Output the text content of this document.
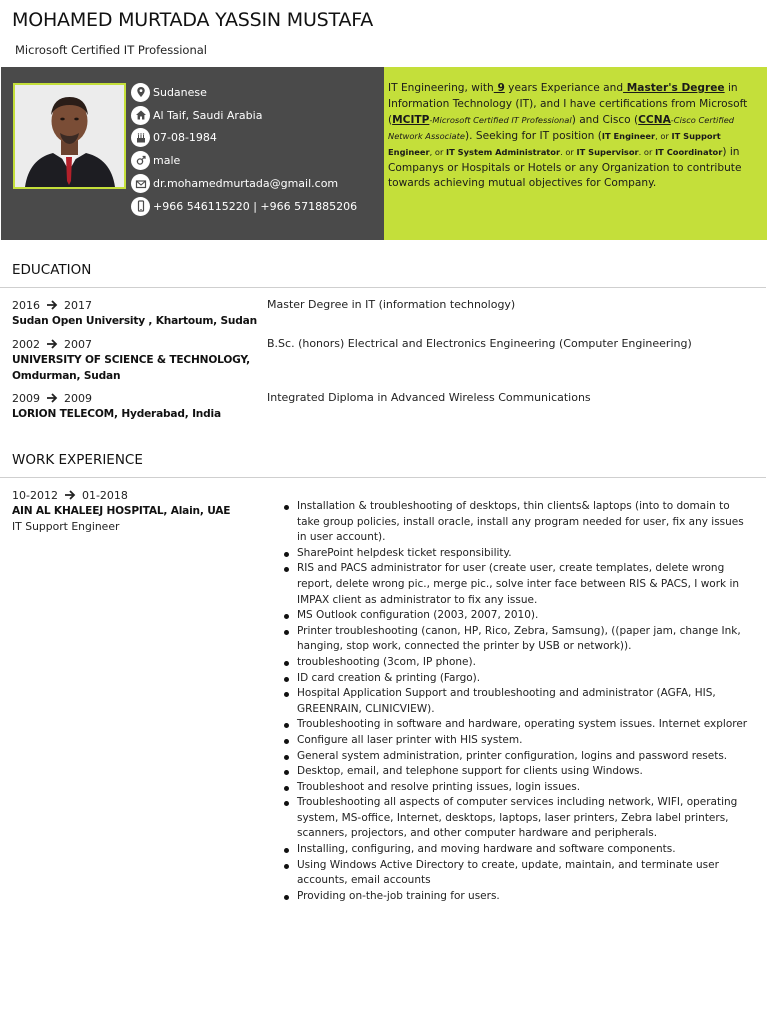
MOHAMED MURTADA YASSIN MUSTAFA
Microsoft Certified IT Professional
Sudanese
Al Taif, Saudi Arabia
07-08-1984
male
dr.mohamedmurtada@gmail.com
+966 546115220 | +966 571885206
IT Engineering, with 9 years Experiance and Master's Degree in Information Technology (IT), and I have certifications from Microsoft (MCITP-Microsoft Certified IT Professional) and Cisco (CCNA-Cisco Certified Network Associate). Seeking for IT position (IT Engineer, or IT Support Engineer, or IT System Administrator. or IT Supervisor. or IT Coordinator) in Companys or Hospitals or Hotels or any Organization to contribute towards achieving mutual objectives for Company.
EDUCATION
2016 2017
Sudan Open University , Khartoum, Sudan
Master Degree in IT (information technology)
2002 2007
UNIVERSITY OF SCIENCE & TECHNOLOGY,
Omdurman, Sudan
B.Sc. (honors) Electrical and Electronics Engineering (Computer Engineering)
2009 2009
LORION TELECOM, Hyderabad, India
Integrated Diploma in Advanced Wireless Communications
WORK EXPERIENCE
10-2012 01-2018
AIN AL KHALEEJ HOSPITAL, Alain, UAE
IT Support Engineer
Installation & troubleshooting of desktops, thin clients& laptops (into to domain to take group policies, install oracle, install any program needed for user, fix any issues in user account).
SharePoint helpdesk ticket responsibility.
RIS and PACS administrator for user (create user, create templates, delete wrong report, delete wrong pic., merge pic., solve inter face between RIS & PACS, I work in IMPAX client as administrator to fix any issue.
MS Outlook configuration (2003, 2007, 2010).
Printer troubleshooting (canon, HP, Rico, Zebra, Samsung), ((paper jam, change Ink, hanging, stop work, connected the printer by USB or network)).
troubleshooting (3com, IP phone).
ID card creation & printing (Fargo).
Hospital Application Support and troubleshooting and administrator (AGFA, HIS, GREENRAIN, CLINICVIEW).
Troubleshooting in software and hardware, operating system issues. Internet explorer
Configure all laser printer with HIS system.
General system administration, printer configuration, logins and password resets.
Desktop, email, and telephone support for clients using Windows.
Troubleshoot and resolve printing issues, login issues.
Troubleshooting all aspects of computer services including network, WIFI, operating system, MS-office, Internet, desktops, laptops, laser printers, Zebra label printers, scanners, projectors, and other computer hardware and peripherals.
Installing, configuring, and moving hardware and software components.
Using Windows Active Directory to create, update, maintain, and terminate user accounts, email accounts
Providing on-the-job training for users.
